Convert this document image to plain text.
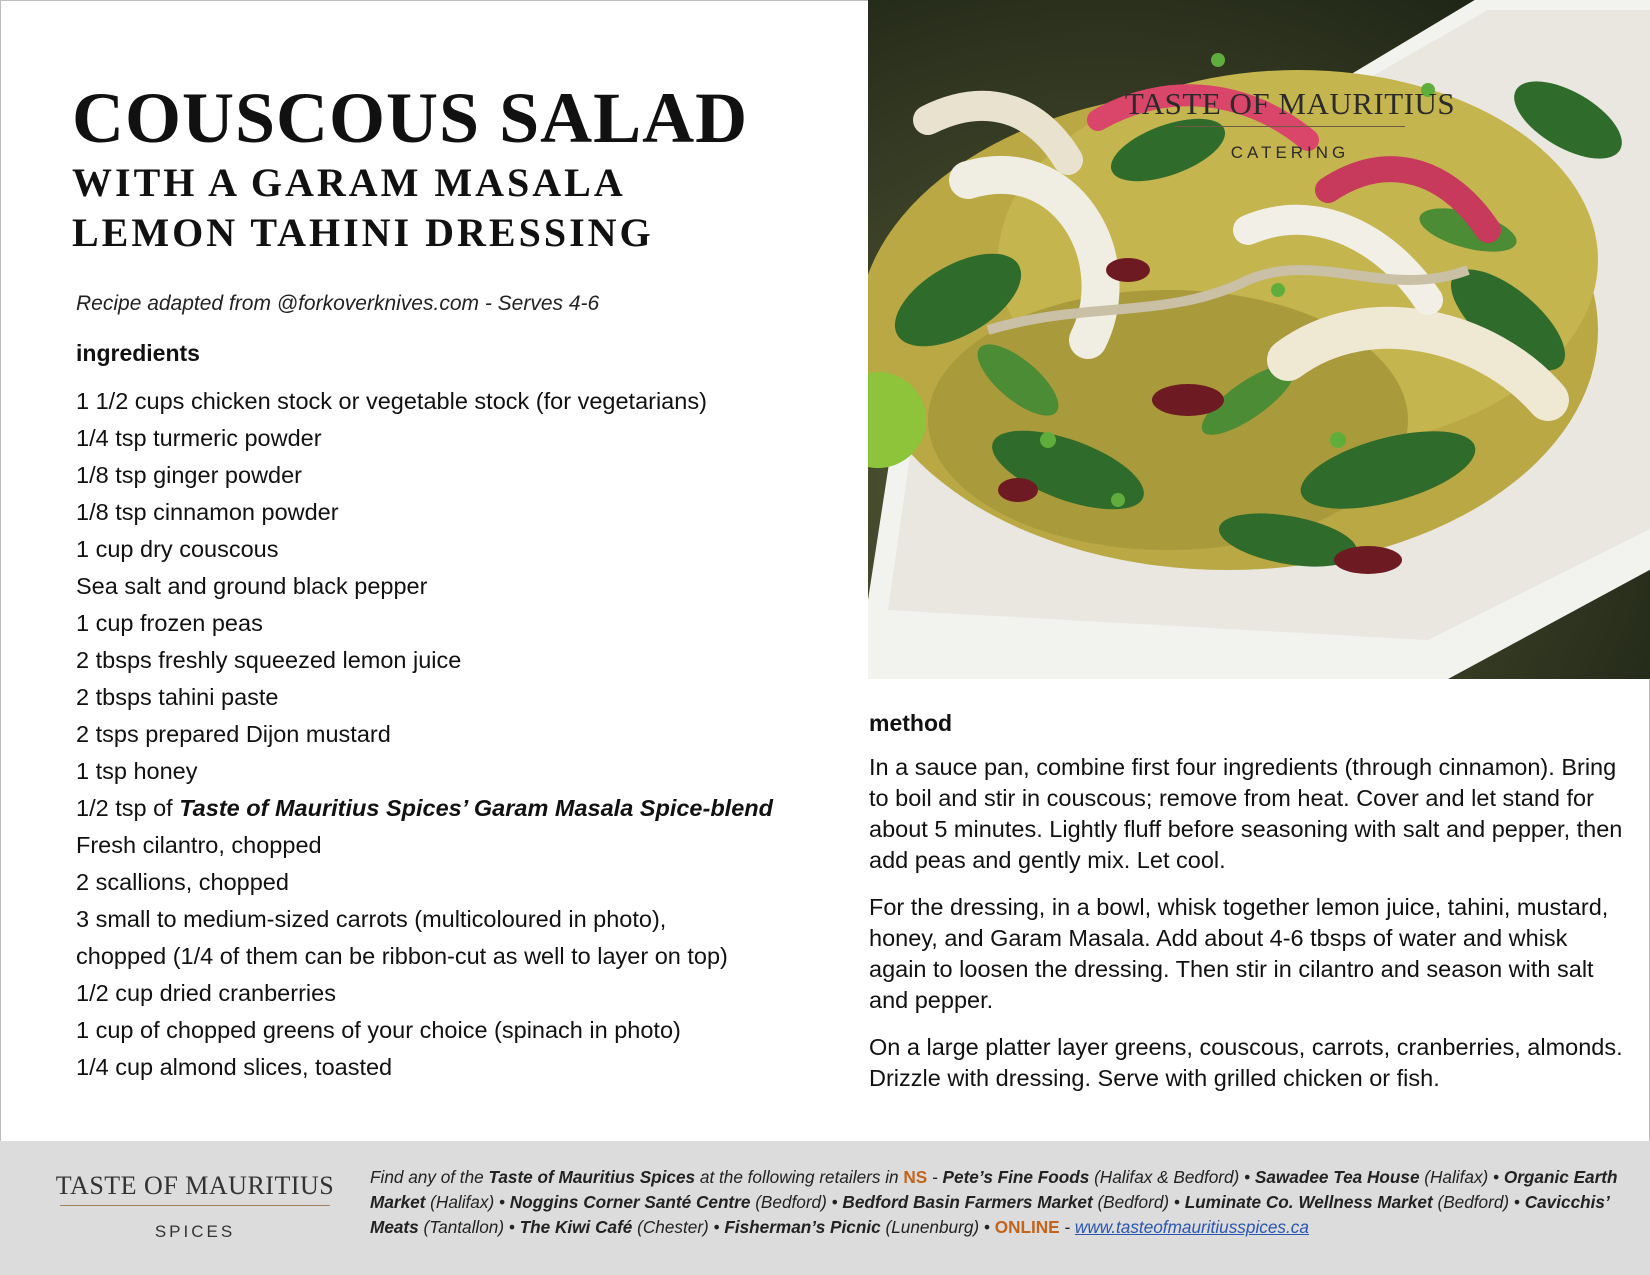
COUSCOUS SALAD
WITH A GARAM MASALA
LEMON TAHINI DRESSING
Recipe adapted from @forkoverknives.com - Serves 4-6
ingredients
1 1/2 cups chicken stock or vegetable stock (for vegetarians)
1/4 tsp turmeric powder
1/8 tsp ginger powder
1/8 tsp cinnamon powder
1 cup dry couscous
Sea salt and ground black pepper
1 cup frozen peas
2 tbsps freshly squeezed lemon juice
2 tbsps tahini paste
2 tsps prepared Dijon mustard
1 tsp honey
1/2 tsp of Taste of Mauritius Spices’ Garam Masala Spice-blend
Fresh cilantro, chopped
2 scallions, chopped
3 small to medium-sized carrots (multicoloured in photo),
chopped (1/4 of them can be ribbon-cut as well to layer on top)
1/2 cup dried cranberries
1 cup of chopped greens of your choice (spinach in photo)
1/4 cup almond slices, toasted
TASTE OF MAURITIUS
CATERING
method

In a sauce pan, combine first four ingredients (through cinnamon). Bring to boil and stir in couscous; remove from heat. Cover and let stand for about 5 minutes. Lightly fluff before seasoning with salt and pepper, then add peas and gently mix. Let cool.

For the dressing, in a bowl, whisk together lemon juice, tahini, mustard, honey, and Garam Masala. Add about 4-6 tbsps of water and whisk again to loosen the dressing. Then stir in cilantro and season with salt and pepper.

On a large platter layer greens, couscous, carrots, cranberries, almonds. Drizzle with dressing. Serve with grilled chicken or fish.

TASTE OF MAURITIUS
SPICES
Find any of the Taste of Mauritius Spices at the following retailers in NS - Pete’s Fine Foods (Halifax & Bedford) • Sawadee Tea House (Halifax) • Organic Earth Market (Halifax) • Noggins Corner Santé Centre (Bedford) • Bedford Basin Farmers Market (Bedford) • Luminate Co. Wellness Market (Bedford) • Cavicchis’ Meats (Tantallon) • The Kiwi Café (Chester) • Fisherman’s Picnic (Lunenburg) • ONLINE - www.tasteofmauritiusspices.ca
